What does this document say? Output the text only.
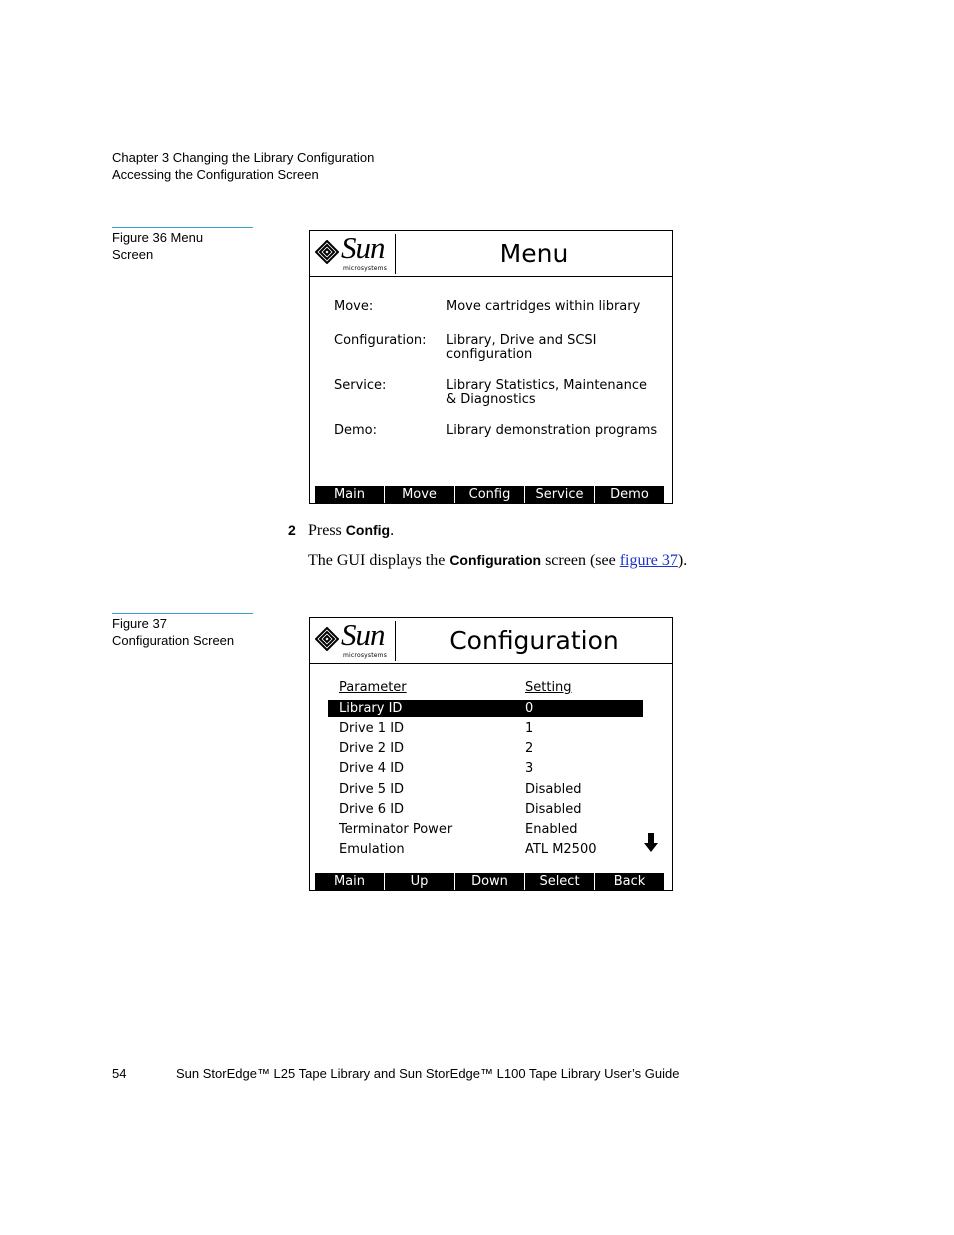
Chapter 3 Changing the Library Configuration
Accessing the Configuration Screen
Figure 36 Menu
Screen	Sun
microsystems
Menu
Move:	Move cartridges within library
Configuration:	Library, Drive and SCSI
configuration
Service:	Library Statistics, Maintenance
& Diagnostics
Demo:	Library demonstration programs
Main	Move	Config	Service	Demo
2 Press Config.
The GUI displays the Configuration screen (see figure 37).
Figure 37
Configuration Screen	Sun
microsystems
Configuration
Parameter	Setting
Library ID	0
Drive 1 ID	1
Drive 2 ID	2
Drive 4 ID	3
Drive 5 ID	Disabled
Drive 6 ID	Disabled
Terminator Power	Enabled
Emulation	ATL M2500
Main	Up	Down	Select	Back
54	Sun StorEdge™ L25 Tape Library and Sun StorEdge™ L100 Tape Library User’s Guide
